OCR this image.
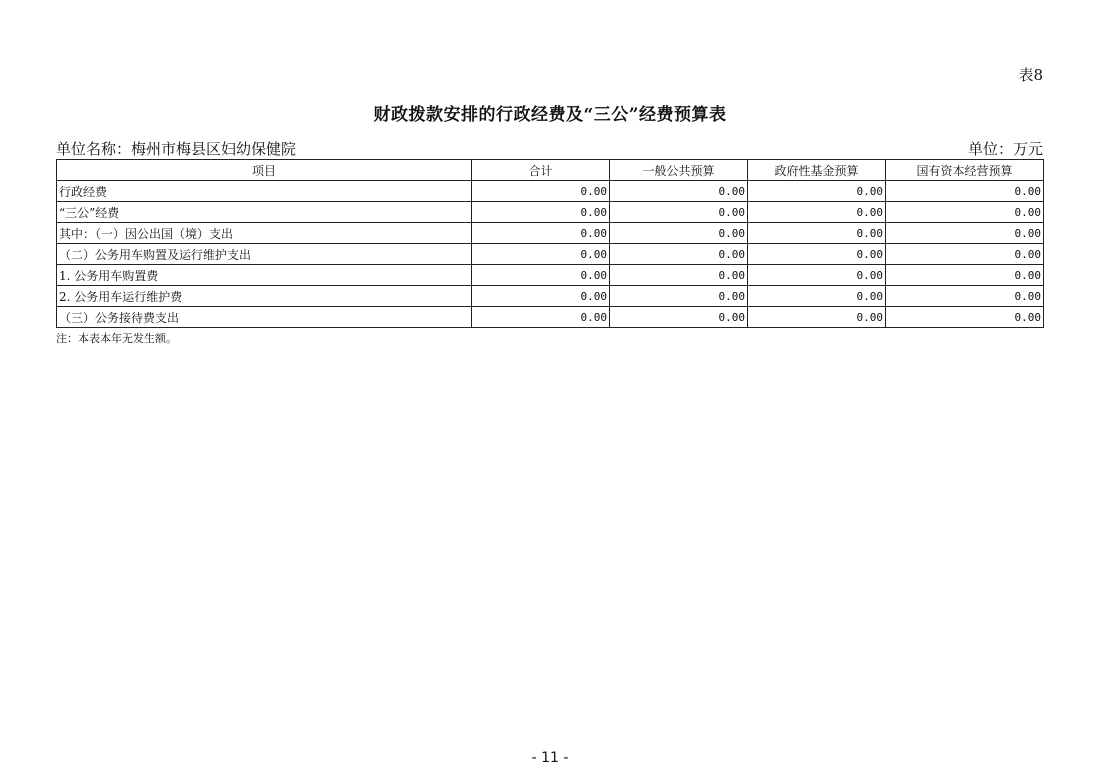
表8
财政拨款安排的行政经费及“三公”经费预算表
单位名称：梅州市梅县区妇幼保健院	单位：万元
项目	合计	一般公共预算	政府性基金预算	国有资本经营预算
行政经费	0.00	0.00	0.00	0.00
“三公”经费	0.00	0.00	0.00	0.00
其中：（一）因公出国（境）支出	0.00	0.00	0.00	0.00
（二）公务用车购置及运行维护支出	0.00	0.00	0.00	0.00
1. 公务用车购置费	0.00	0.00	0.00	0.00
2. 公务用车运行维护费	0.00	0.00	0.00	0.00
（三）公务接待费支出	0.00	0.00	0.00	0.00
注：本表本年无发生额。
- 11 -
